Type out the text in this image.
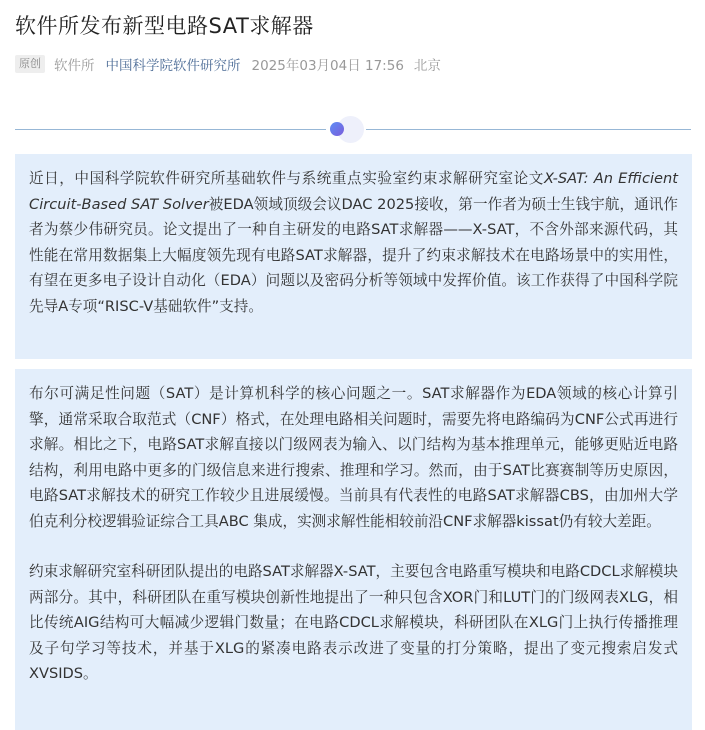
软件所发布新型电路SAT求解器
原创 软件所 中国科学院软件研究所 2025年03月04日 17:56 北京

近日，中国科学院软件研究所基础软件与系统重点实验室约束求解研究室论文X-SAT: An Efficient Circuit-Based SAT Solver被EDA领域顶级会议DAC 2025接收，第一作者为硕士生钱宇航，通讯作者为蔡少伟研究员。论文提出了一种自主研发的电路SAT求解器——X-SAT，不含外部来源代码，其性能在常用数据集上大幅度领先现有电路SAT求解器，提升了约束求解技术在电路场景中的实用性，有望在更多电子设计自动化（EDA）问题以及密码分析等领域中发挥价值。该工作获得了中国科学院先导A专项“RISC-V基础软件”支持。

布尔可满足性问题（SAT）是计算机科学的核心问题之一。SAT求解器作为EDA领域的核心计算引擎，通常采取合取范式（CNF）格式，在处理电路相关问题时，需要先将电路编码为CNF公式再进行求解。相比之下，电路SAT求解直接以门级网表为输入、以门结构为基本推理单元，能够更贴近电路结构，利用电路中更多的门级信息来进行搜索、推理和学习。然而，由于SAT比赛赛制等历史原因，电路SAT求解技术的研究工作较少且进展缓慢。当前具有代表性的电路SAT求解器CBS，由加州大学伯克利分校逻辑验证综合工具ABC 集成，实测求解性能相较前沿CNF求解器kissat仍有较大差距。

约束求解研究室科研团队提出的电路SAT求解器X-SAT，主要包含电路重写模块和电路CDCL求解模块两部分。其中，科研团队在重写模块创新性地提出了一种只包含XOR门和LUT门的门级网表XLG，相比传统AIG结构可大幅减少逻辑门数量；在电路CDCL求解模块，科研团队在XLG门上执行传播推理及子句学习等技术，并基于XLG的紧凑电路表示改进了变量的打分策略，提出了变元搜索启发式XVSIDS。
